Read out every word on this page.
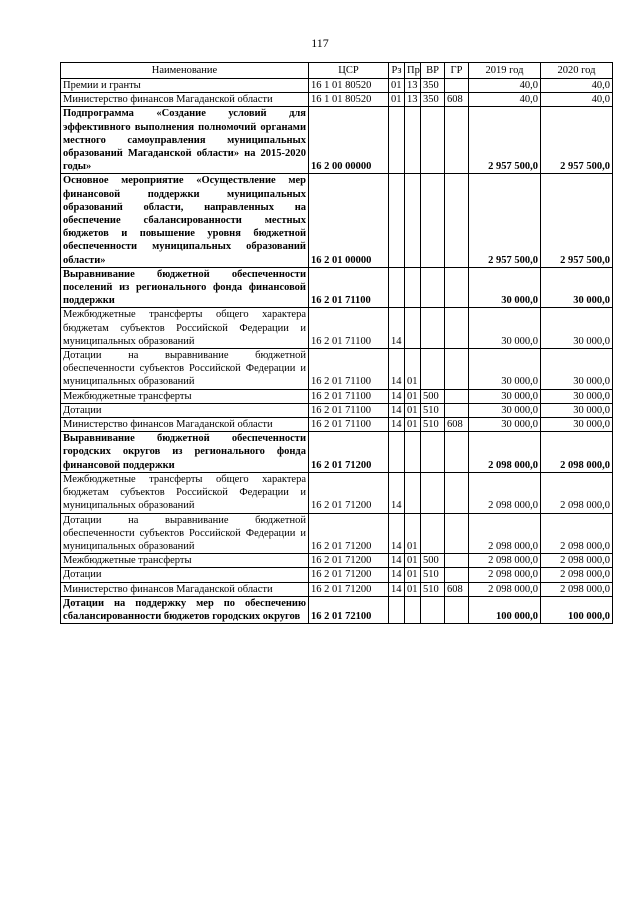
117
Наименование	ЦСР	Рз	Пр	ВР	ГР	2019 год	2020 год
Премии и гранты	16 1 01 80520	01	13	350		40,0	40,0
Министерство финансов Магаданской области	16 1 01 80520	01	13	350	608	40,0	40,0
Подпрограмма «Создание условий для эффективного выполнения полномочий органами местного самоуправления муниципальных образований Магаданской области» на 2015-2020 годы»	16 2 00 00000					2 957 500,0	2 957 500,0
Основное мероприятие «Осуществление мер финансовой поддержки муниципальных образований области, направленных на обеспечение сбалансированности местных бюджетов и повышение уровня бюджетной обеспеченности муниципальных образований области»	16 2 01 00000					2 957 500,0	2 957 500,0
Выравнивание бюджетной обеспеченности поселений из регионального фонда финансовой поддержки	16 2 01 71100					30 000,0	30 000,0
Межбюджетные трансферты общего характера бюджетам субъектов Российской Федерации и муниципальных образований	16 2 01 71100	14				30 000,0	30 000,0
Дотации на выравнивание бюджетной обеспеченности субъектов Российской Федерации и муниципальных образований	16 2 01 71100	14	01			30 000,0	30 000,0
Межбюджетные трансферты	16 2 01 71100	14	01	500		30 000,0	30 000,0
Дотации	16 2 01 71100	14	01	510		30 000,0	30 000,0
Министерство финансов Магаданской области	16 2 01 71100	14	01	510	608	30 000,0	30 000,0
Выравнивание бюджетной обеспеченности городских округов из регионального фонда финансовой поддержки	16 2 01 71200					2 098 000,0	2 098 000,0
Межбюджетные трансферты общего характера бюджетам субъектов Российской Федерации и муниципальных образований	16 2 01 71200	14				2 098 000,0	2 098 000,0
Дотации на выравнивание бюджетной обеспеченности субъектов Российской Федерации и муниципальных образований	16 2 01 71200	14	01			2 098 000,0	2 098 000,0
Межбюджетные трансферты	16 2 01 71200	14	01	500		2 098 000,0	2 098 000,0
Дотации	16 2 01 71200	14	01	510		2 098 000,0	2 098 000,0
Министерство финансов Магаданской области	16 2 01 71200	14	01	510	608	2 098 000,0	2 098 000,0
Дотации на поддержку мер по обеспечению сбалансированности бюджетов городских округов	16 2 01 72100					100 000,0	100 000,0
